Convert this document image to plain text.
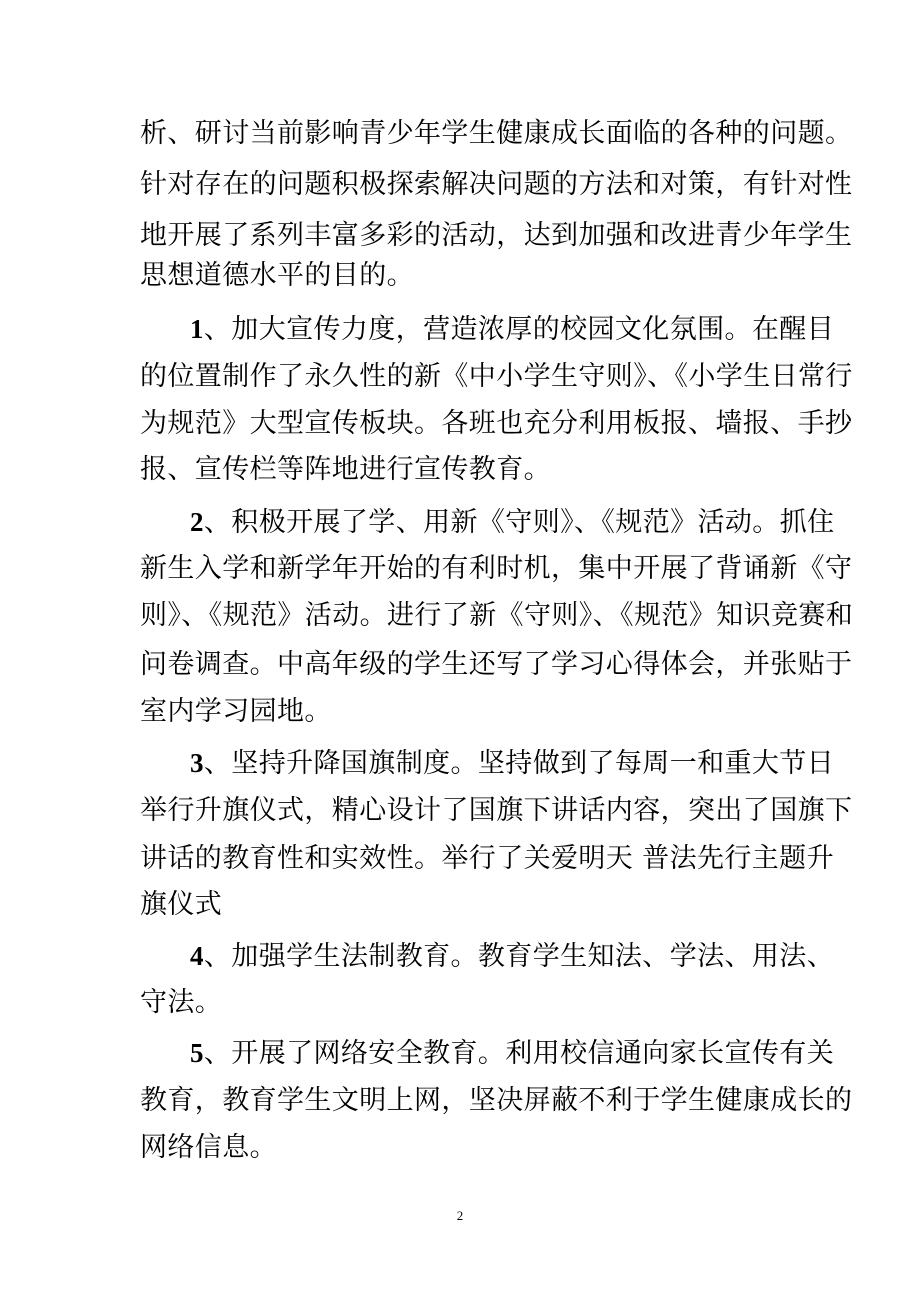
析、研讨当前影响青少年学生健康成长面临的各种的问题。
针对存在的问题积极探索解决问题的方法和对策，有针对性
地开展了系列丰富多彩的活动，达到加强和改进青少年学生
思想道德水平的目的。
1、加大宣传力度，营造浓厚的校园文化氛围。在醒目
的位置制作了永久性的新《中小学生守则》、《小学生日常行
为规范》大型宣传板块。各班也充分利用板报、墙报、手抄
报、宣传栏等阵地进行宣传教育。
2、积极开展了学、用新《守则》、《规范》活动。抓住
新生入学和新学年开始的有利时机，集中开展了背诵新《守
则》、《规范》活动。进行了新《守则》、《规范》知识竞赛和
问卷调查。中高年级的学生还写了学习心得体会，并张贴于
室内学习园地。
3、坚持升降国旗制度。坚持做到了每周一和重大节日
举行升旗仪式，精心设计了国旗下讲话内容，突出了国旗下
讲话的教育性和实效性。举行了关爱明天 普法先行主题升
旗仪式
4、加强学生法制教育。教育学生知法、学法、用法、
守法。
5、开展了网络安全教育。利用校信通向家长宣传有关
教育，教育学生文明上网，坚决屏蔽不利于学生健康成长的
网络信息。
2
